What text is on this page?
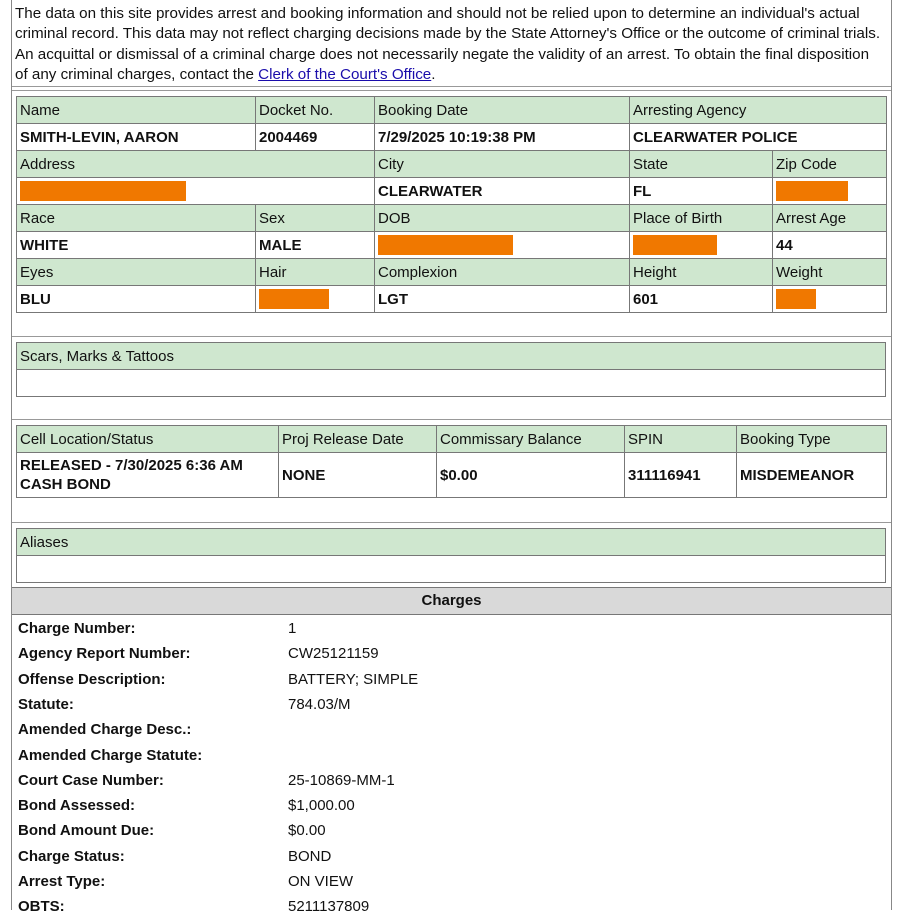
The data on this site provides arrest and booking information and should not be relied upon to determine an individual's actual criminal record. This data may not reflect charging decisions made by the State Attorney's Office or the outcome of criminal trials. An acquittal or dismissal of a criminal charge does not necessarily negate the validity of an arrest. To obtain the final disposition of any criminal charges, contact the Clerk of the Court's Office.
Name	Docket No.	Booking Date	Arresting Agency	
SMITH-LEVIN, AARON	2004469	7/29/2025 10:19:38 PM	CLEARWATER POLICE	
Address		City	State	Zip Code
		CLEARWATER	FL	
Race	Sex	DOB	Place of Birth	Arrest Age
WHITE	MALE			44
Eyes	Hair	Complexion	Height	Weight
BLU		LGT	601	
Scars, Marks & Tattoos

Cell Location/Status	Proj Release Date	Commissary Balance	SPIN	Booking Type

RELEASED - 7/30/2025 6:36 AM
CASH BOND	NONE	$0.00	311116941	MISDEMEANOR
Aliases

Charges
Charge Number:	1
Agency Report Number:	CW25121159
Offense Description:	BATTERY; SIMPLE
Statute:	784.03/M
Amended Charge Desc.:
Amended Charge Statute:
Court Case Number:	25-10869-MM-1
Bond Assessed:	$1,000.00
Bond Amount Due:	$0.00
Charge Status:	BOND
Arrest Type:	ON VIEW
OBTS:	5211137809
